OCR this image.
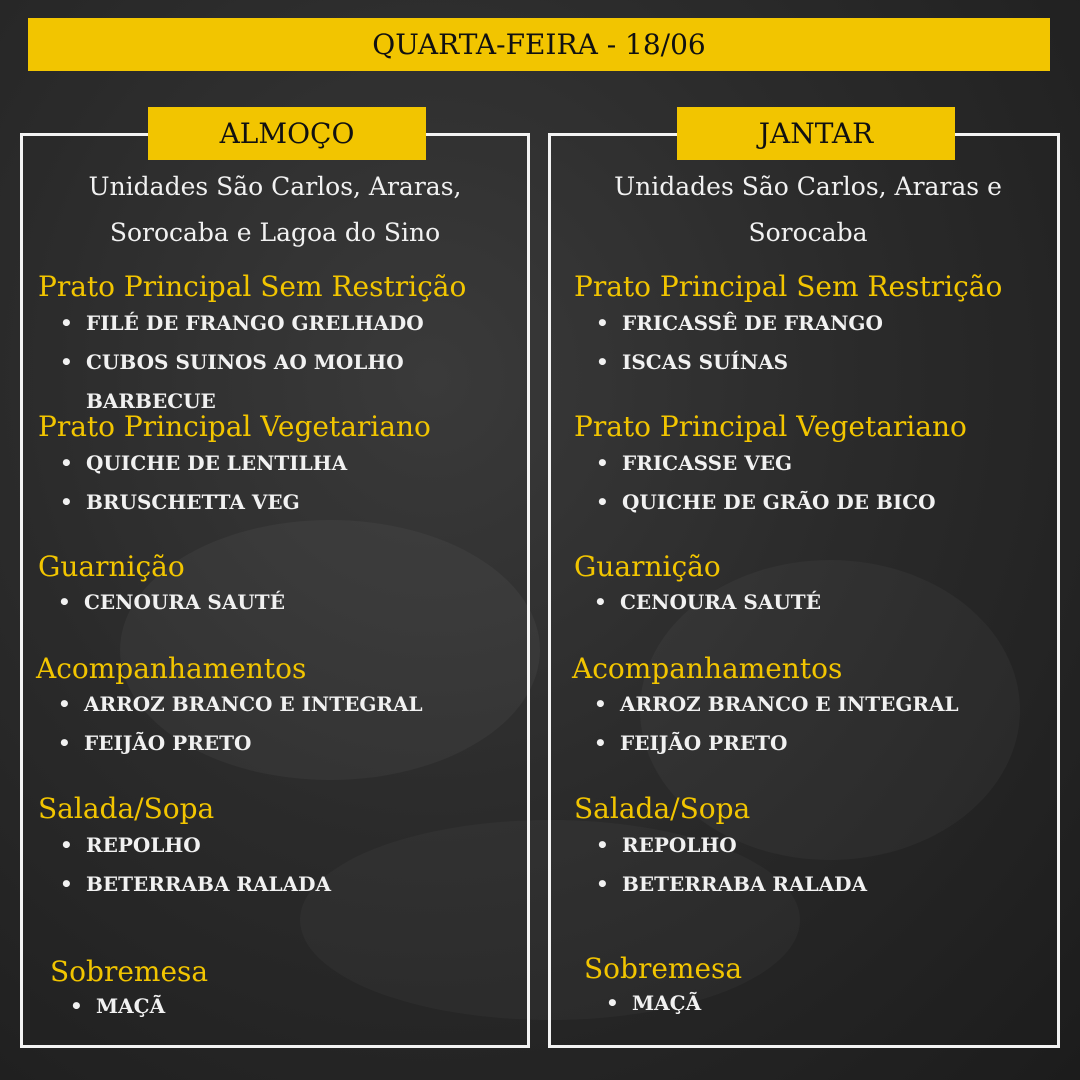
QUARTA-FEIRA - 18/06
ALMOÇO
Unidades São Carlos, Araras,
Sorocaba e Lagoa do Sino
Prato Principal Sem Restrição
• FILÉ DE FRANGO GRELHADO
• CUBOS SUINOS AO MOLHO
BARBECUE
Prato Principal Vegetariano
• QUICHE DE LENTILHA
• BRUSCHETTA VEG
Guarnição
• CENOURA SAUTÉ
Acompanhamentos
• ARROZ BRANCO E INTEGRAL
• FEIJÃO PRETO
Salada/Sopa
• REPOLHO
• BETERRABA RALADA
Sobremesa
• MAÇÃ
JANTAR
Unidades São Carlos, Araras e
Sorocaba
Prato Principal Sem Restrição
• FRICASSÊ DE FRANGO
• ISCAS SUÍNAS
Prato Principal Vegetariano
• FRICASSE VEG
• QUICHE DE GRÃO DE BICO
Guarnição
• CENOURA SAUTÉ
Acompanhamentos
• ARROZ BRANCO E INTEGRAL
• FEIJÃO PRETO
Salada/Sopa
• REPOLHO
• BETERRABA RALADA
Sobremesa
• MAÇÃ
